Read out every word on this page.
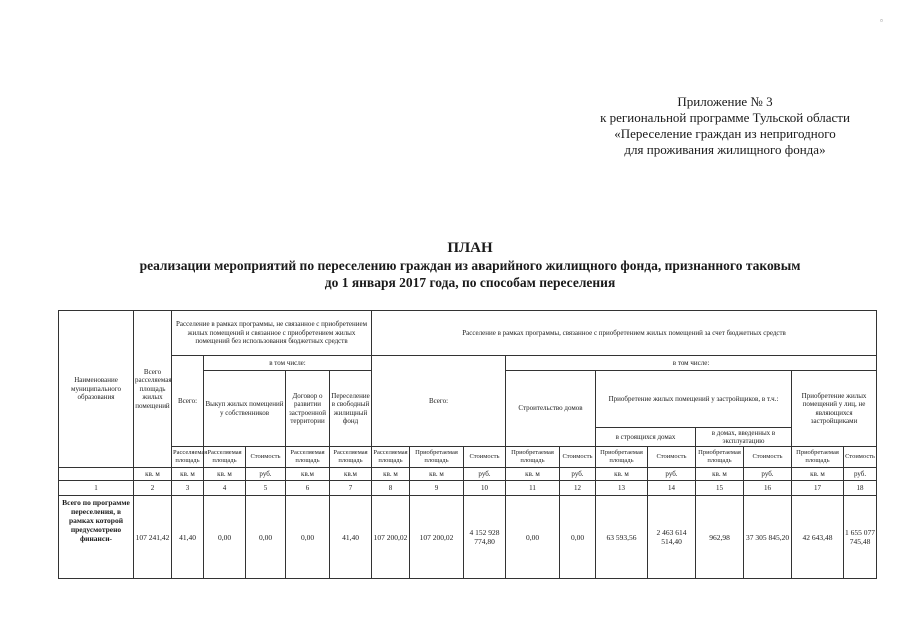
Приложение № 3
к региональной программе Тульской области
«Переселение граждан из непригодного
для проживания жилищного фонда»
ПЛАН
реализации мероприятий по переселению граждан из аварийного жилищного фонда, признанного таковым
до 1 января 2017 года, по способам переселения
Наименование муниципального образования	Всего расселяемая площадь жилых помещений	Расселение в рамках программы, не связанное с приобретением жилых помещений и связанное с приобретением жилых помещений без использования бюджетных средств					Расселение в рамках программы, связанное с приобретением жилых помещений за счет бюджетных средств										
		Всего:	в том числе:				Всего:			в том числе:							
			Выкуп жилых помещений у собственников		Договор о развитии застроенной территории	Переселение в свободный жилищный фонд				Строительство домов		Приобретение жилых помещений у застройщиков, в т.ч.:				Приобретение жилых помещений у лиц, не являющихся застройщиками	
												в строящихся домах		в домах, введенных в эксплуатацию			
		Расселяемая площадь	Расселяемая площадь	Стоимость	Расселяемая площадь	Расселяемая площадь	Расселяемая площадь	Приобретаемая площадь	Стоимость	Приобретаемая площадь	Стоимость	Приобретаемая площадь	Стоимость	Приобретаемая площадь	Стоимость	Приобретаемая площадь	Стоимость
	кв. м	кв. м	кв. м	руб.	кв.м	кв.м	кв. м	кв. м	руб.	кв. м	руб.	кв. м	руб.	кв. м	руб.	кв. м	руб.
1	2	3	4	5	6	7	8	9	10	11	12	13	14	15	16	17	18
Всего по программе переселения, в рамках которой предусмотрено финанси-	107 241,42	41,40	0,00	0,00	0,00	41,40	107 200,02	107 200,02	4 152 928 774,80	0,00	0,00	63 593,56	2 463 614 514,40	962,98	37 305 845,20	42 643,48	1 655 077 745,48
▫
